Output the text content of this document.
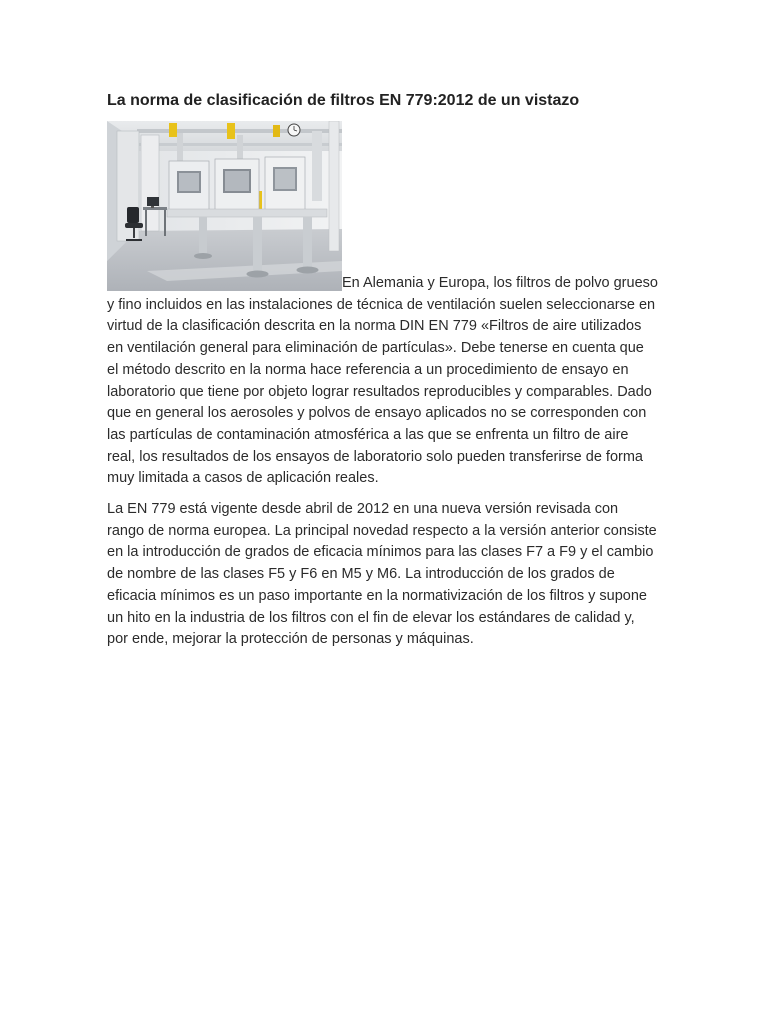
La norma de clasificación de filtros EN 779:2012 de un vistazo

En Alemania y Europa, los filtros de polvo grueso y fino incluidos en las instalaciones de técnica de ventilación suelen seleccionarse en virtud de la clasificación descrita en la norma DIN EN 779 «Filtros de aire utilizados en ventilación general para eliminación de partículas». Debe tenerse en cuenta que el método descrito en la norma hace referencia a un procedimiento de ensayo en laboratorio que tiene por objeto lograr resultados reproducibles y comparables. Dado que en general los aerosoles y polvos de ensayo aplicados no se corresponden con las partículas de contaminación atmosférica a las que se enfrenta un filtro de aire real, los resultados de los ensayos de laboratorio solo pueden transferirse de forma muy limitada a casos de aplicación reales.

La EN 779 está vigente desde abril de 2012 en una nueva versión revisada con rango de norma europea. La principal novedad respecto a la versión anterior consiste en la introducción de grados de eficacia mínimos para las clases F7 a F9 y el cambio de nombre de las clases F5 y F6 en M5 y M6. La introducción de los grados de eficacia mínimos es un paso importante en la normativización de los filtros y supone un hito en la industria de los filtros con el fin de elevar los estándares de calidad y, por ende, mejorar la protección de personas y máquinas.
